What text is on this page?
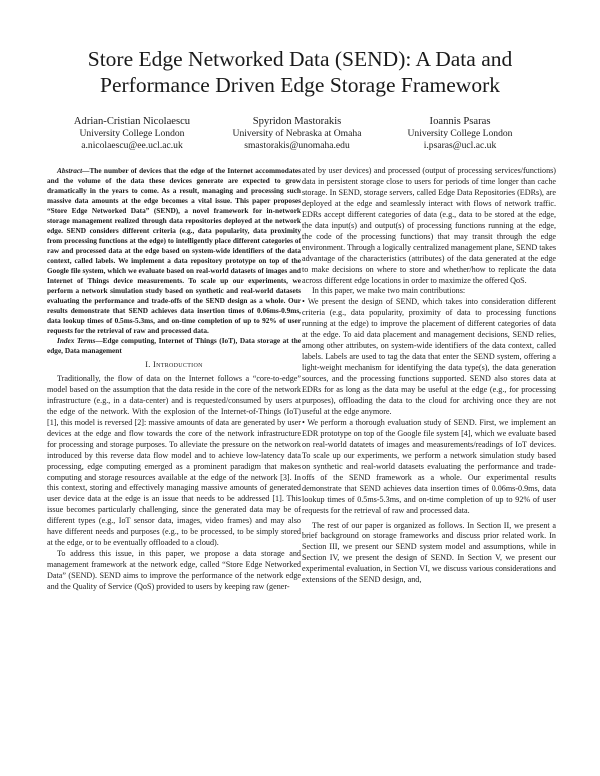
Store Edge Networked Data (SEND): A Data and Performance Driven Edge Storage Framework
Adrian-Cristian Nicolaescu
University College London
a.nicolaescu@ee.ucl.ac.uk
Spyridon Mastorakis
University of Nebraska at Omaha
smastorakis@unomaha.edu
Ioannis Psaras
University College London
i.psaras@ucl.ac.uk

Abstract—The number of devices that the edge of the Internet accommodates and the volume of the data these devices generate are expected to grow dramatically in the years to come. As a result, managing and processing such massive data amounts at the edge becomes a vital issue. This paper proposes “Store Edge Networked Data” (SEND), a novel framework for in-network storage management realized through data repositories deployed at the network edge. SEND considers different criteria (e.g., data popularity, data proximity from processing functions at the edge) to intelligently place different categories of raw and processed data at the edge based on system-wide identifiers of the data context, called labels. We implement a data repository prototype on top of the Google file system, which we evaluate based on real-world datasets of images and Internet of Things device measurements. To scale up our experiments, we perform a network simulation study based on synthetic and real-world datasets evaluating the performance and trade-offs of the SEND design as a whole. Our results demonstrate that SEND achieves data insertion times of 0.06ms-0.9ms, data lookup times of 0.5ms-5.3ms, and on-time completion of up to 92% of user requests for the retrieval of raw and processed data.

Index Terms—Edge computing, Internet of Things (IoT), Data storage at the edge, Data management

I. Introduction

Traditionally, the flow of data on the Internet follows a “core-to-edge” model based on the assumption that the data reside in the core of the network infrastructure (e.g., in a data-center) and is requested/consumed by users at the edge of the network. With the explosion of the Internet-of-Things (IoT) [1], this model is reversed [2]: massive amounts of data are generated by user devices at the edge and flow towards the core of the network infrastructure for processing and storage purposes. To alleviate the pressure on the network introduced by this reverse data flow model and to achieve low-latency data processing, edge computing emerged as a prominent paradigm that makes computing and storage resources available at the edge of the network [3]. In this context, storing and effectively managing massive amounts of generated user device data at the edge is an issue that needs to be addressed [1]. This issue becomes particularly challenging, since the generated data may be of different types (e.g., IoT sensor data, images, video frames) and may also have different needs and purposes (e.g., to be processed, to be simply stored at the edge, or to be eventually offloaded to a cloud).

To address this issue, in this paper, we propose a data storage and management framework at the network edge, called “Store Edge Networked Data” (SEND). SEND aims to improve the performance of the network edge and the Quality of Service (QoS) provided to users by keeping raw (gener-

ated by user devices) and processed (output of processing services/functions) data in persistent storage close to users for periods of time longer than cache storage. In SEND, storage servers, called Edge Data Repositories (EDRs), are deployed at the edge and seamlessly interact with flows of network traffic. EDRs accept different categories of data (e.g., data to be stored at the edge, the data input(s) and output(s) of processing functions running at the edge, the code of the processing functions) that may transit through the edge environment. Through a logically centralized management plane, SEND takes advantage of the characteristics (attributes) of the data generated at the edge to make decisions on where to store and whether/how to replicate the data across different edge locations in order to maximize the offered QoS.

In this paper, we make two main contributions:

• We present the design of SEND, which takes into consideration different criteria (e.g., data popularity, proximity of data to processing functions running at the edge) to improve the placement of different categories of data at the edge. To aid data placement and management decisions, SEND relies, among other attributes, on system-wide identifiers of the data context, called labels. Labels are used to tag the data that enter the SEND system, offering a light-weight mechanism for identifying the data type(s), the data generation sources, and the processing functions supported. SEND also stores data at EDRs for as long as the data may be useful at the edge (e.g., for processing purposes), offloading the data to the cloud for archiving once they are not useful at the edge anymore.

• We perform a thorough evaluation study of SEND. First, we implement an EDR prototype on top of the Google file system [4], which we evaluate based on real-world datatets of images and measurements/readings of IoT devices. To scale up our experiments, we perform a network simulation study based on synthetic and real-world datasets evaluating the performance and trade-offs of the SEND framework as a whole. Our experimental results demonstrate that SEND achieves data insertion times of 0.06ms-0.9ms, data lookup times of 0.5ms-5.3ms, and on-time completion of up to 92% of user requests for the retrieval of raw and processed data.

The rest of our paper is organized as follows. In Section II, we present a brief background on storage frameworks and discuss prior related work. In Section III, we present our SEND system model and assumptions, while in Section IV, we present the design of SEND. In Section V, we present our experimental evaluation, in Section VI, we discuss various considerations and extensions of the SEND design, and,
